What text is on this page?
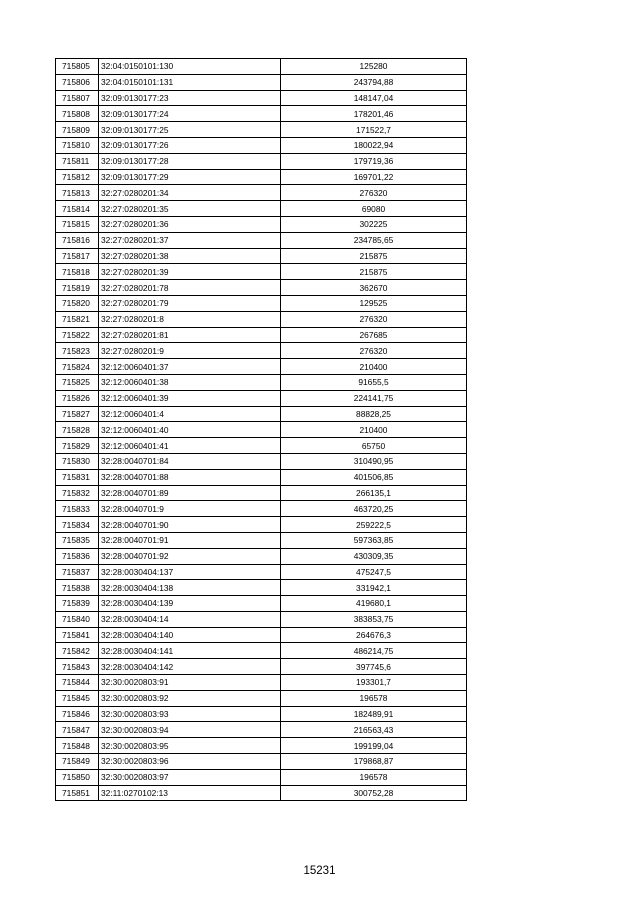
715805	32:04:0150101:130	125280
715806	32:04:0150101:131	243794,88
715807	32:09:0130177:23	148147,04
715808	32:09:0130177:24	178201,46
715809	32:09:0130177:25	171522,7
715810	32:09:0130177:26	180022,94
715811	32:09:0130177:28	179719,36
715812	32:09:0130177:29	169701,22
715813	32:27:0280201:34	276320
715814	32:27:0280201:35	69080
715815	32:27:0280201:36	302225
715816	32:27:0280201:37	234785,65
715817	32:27:0280201:38	215875
715818	32:27:0280201:39	215875
715819	32:27:0280201:78	362670
715820	32:27:0280201:79	129525
715821	32:27:0280201:8	276320
715822	32:27:0280201:81	267685
715823	32:27:0280201:9	276320
715824	32:12:0060401:37	210400
715825	32:12:0060401:38	91655,5
715826	32:12:0060401:39	224141,75
715827	32:12:0060401:4	88828,25
715828	32:12:0060401:40	210400
715829	32:12:0060401:41	65750
715830	32:28:0040701:84	310490,95
715831	32:28:0040701:88	401506,85
715832	32:28:0040701:89	266135,1
715833	32:28:0040701:9	463720,25
715834	32:28:0040701:90	259222,5
715835	32:28:0040701:91	597363,85
715836	32:28:0040701:92	430309,35
715837	32:28:0030404:137	475247,5
715838	32:28:0030404:138	331942,1
715839	32:28:0030404:139	419680,1
715840	32:28:0030404:14	383853,75
715841	32:28:0030404:140	264676,3
715842	32:28:0030404:141	486214,75
715843	32:28:0030404:142	397745,6
715844	32:30:0020803:91	193301,7
715845	32:30:0020803:92	196578
715846	32:30:0020803:93	182489,91
715847	32:30:0020803:94	216563,43
715848	32:30:0020803:95	199199,04
715849	32:30:0020803:96	179868,87
715850	32:30:0020803:97	196578
715851	32:11:0270102:13	300752,28
15231
